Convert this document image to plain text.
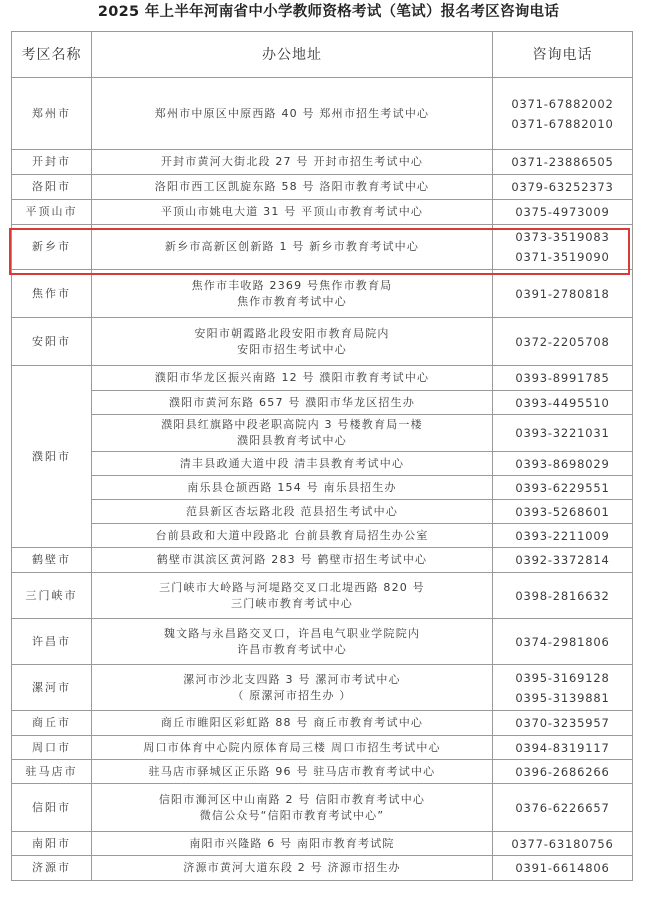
2025 年上半年河南省中小学教师资格考试（笔试）报名考区咨询电话
考区名称	办公地址	咨询电话
郑州市	郑州市中原区中原西路 40 号 郑州市招生考试中心	0371-67882002
0371-67882010

开封市	开封市黄河大街北段 27 号 开封市招生考试中心	0371-23886505

洛阳市	洛阳市西工区凯旋东路 58 号 洛阳市教育考试中心	0379-63252373

平顶山市	平顶山市姚电大道 31 号 平顶山市教育考试中心	0375-4973009

新乡市	新乡市高新区创新路 1 号 新乡市教育考试中心	0373-3519083
0371-3519090

焦作市	焦作市丰收路 2369 号焦作市教育局
焦作市教育考试中心	0391-2780818

安阳市	安阳市朝霞路北段安阳市教育局院内
安阳市招生考试中心	0372-2205708

濮阳市	濮阳市华龙区振兴南路 12 号 濮阳市教育考试中心	0393-8991785

	濮阳市黄河东路 657 号 濮阳市华龙区招生办	0393-4495510

	濮阳县红旗路中段老职高院内 3 号楼教育局一楼
濮阳县教育考试中心	0393-3221031

	清丰县政通大道中段 清丰县教育考试中心	0393-8698029

	南乐县仓颉西路 154 号 南乐县招生办	0393-6229551

	范县新区杏坛路北段 范县招生考试中心	0393-5268601

	台前县政和大道中段路北 台前县教育局招生办公室	0393-2211009

鹤壁市	鹤壁市淇滨区黄河路 283 号 鹤壁市招生考试中心	0392-3372814

三门峡市	三门峡市大岭路与河堤路交叉口北堤西路 820 号
三门峡市教育考试中心	0398-2816632

许昌市	魏文路与永昌路交叉口，许昌电气职业学院院内
许昌市教育考试中心	0374-2981806

漯河市	漯河市沙北支四路 3 号 漯河市考试中心
（ 原漯河市招生办 ）	0395-3169128
0395-3139881

商丘市	商丘市睢阳区彩虹路 88 号 商丘市教育考试中心	0370-3235957

周口市	周口市体育中心院内原体育局三楼 周口市招生考试中心	0394-8319117

驻马店市	驻马店市驿城区正乐路 96 号 驻马店市教育考试中心	0396-2686266

信阳市	信阳市浉河区中山南路 2 号 信阳市教育考试中心
微信公众号“信阳市教育考试中心”	0376-6226657

南阳市	南阳市兴隆路 6 号 南阳市教育考试院	0377-63180756

济源市	济源市黄河大道东段 2 号 济源市招生办	0391-6614806
